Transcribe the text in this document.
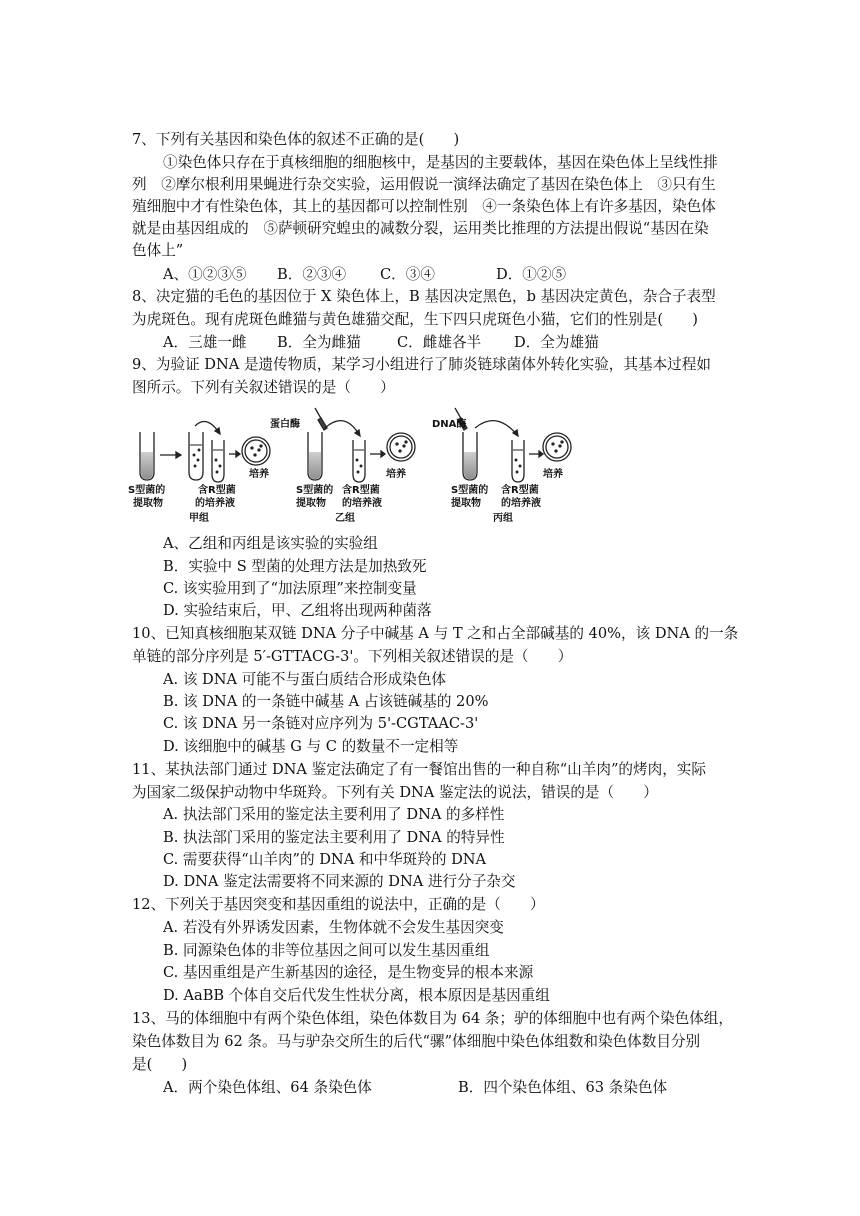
7、下列有关基因和染色体的叙述不正确的是(　　)
①染色体只存在于真核细胞的细胞核中，是基因的主要载体，基因在染色体上呈线性排
列　②摩尔根利用果蝇进行杂交实验，运用假说一演绎法确定了基因在染色体上　③只有生
殖细胞中才有性染色体，其上的基因都可以控制性别　④一条染色体上有许多基因，染色体
就是由基因组成的　⑤萨顿研究蝗虫的减数分裂，运用类比推理的方法提出假说“基因在染
色体上”
A、①②③⑤ B．②③④ C．③④	D．①②⑤
8、决定猫的毛色的基因位于 X 染色体上，B 基因决定黑色，b 基因决定黄色，杂合子表型
为虎斑色。现有虎斑色雌猫与黄色雄猫交配，生下四只虎斑色小猫，它们的性别是(　　)
A．三雄一雌 B．全为雌猫 C．雌雄各半 D．全为雄猫
9、为验证 DNA 是遗传物质，某学习小组进行了肺炎链球菌体外转化实验，其基本过程如
图所示。下列有关叙述错误的是（　　）
蛋白酶	DNA酶
S型菌的
提取物
含R型菌
的培养液
培养
甲组
S型菌的
提取物
含R型菌
的培养液
培养
乙组
S型菌的
提取物
含R型菌
的培养液
培养
丙组
A、乙组和丙组是该实验的实验组
B．实验中 S 型菌的处理方法是加热致死
C. 该实验用到了“加法原理”来控制变量
D. 实验结束后，甲、乙组将出现两种菌落
10、已知真核细胞某双链 DNA 分子中碱基 A 与 T 之和占全部碱基的 40%，该 DNA 的一条
单链的部分序列是 5′-GTTACG-3'。下列相关叙述错误的是（　　）
A. 该 DNA 可能不与蛋白质结合形成染色体
B. 该 DNA 的一条链中碱基 A 占该链碱基的 20%
C. 该 DNA 另一条链对应序列为 5'-CGTAAC-3'
D. 该细胞中的碱基 G 与 C 的数量不一定相等
11、某执法部门通过 DNA 鉴定法确定了有一餐馆出售的一种自称“山羊肉”的烤肉，实际
为国家二级保护动物中华斑羚。下列有关 DNA 鉴定法的说法，错误的是（　　）
A. 执法部门采用的鉴定法主要利用了 DNA 的多样性
B. 执法部门采用的鉴定法主要利用了 DNA 的特异性
C. 需要获得“山羊肉”的 DNA 和中华斑羚的 DNA
D. DNA 鉴定法需要将不同来源的 DNA 进行分子杂交
12、下列关于基因突变和基因重组的说法中，正确的是（　　）
A. 若没有外界诱发因素，生物体就不会发生基因突变
B. 同源染色体的非等位基因之间可以发生基因重组
C. 基因重组是产生新基因的途径，是生物变异的根本来源
D. AaBB 个体自交后代发生性状分离，根本原因是基因重组
13、马的体细胞中有两个染色体组，染色体数目为 64 条；驴的体细胞中也有两个染色体组，
染色体数目为 62 条。马与驴杂交所生的后代“骡”体细胞中染色体组数和染色体数目分别
是(　　)
A．两个染色体组、64 条染色体	B．四个染色体组、63 条染色体
